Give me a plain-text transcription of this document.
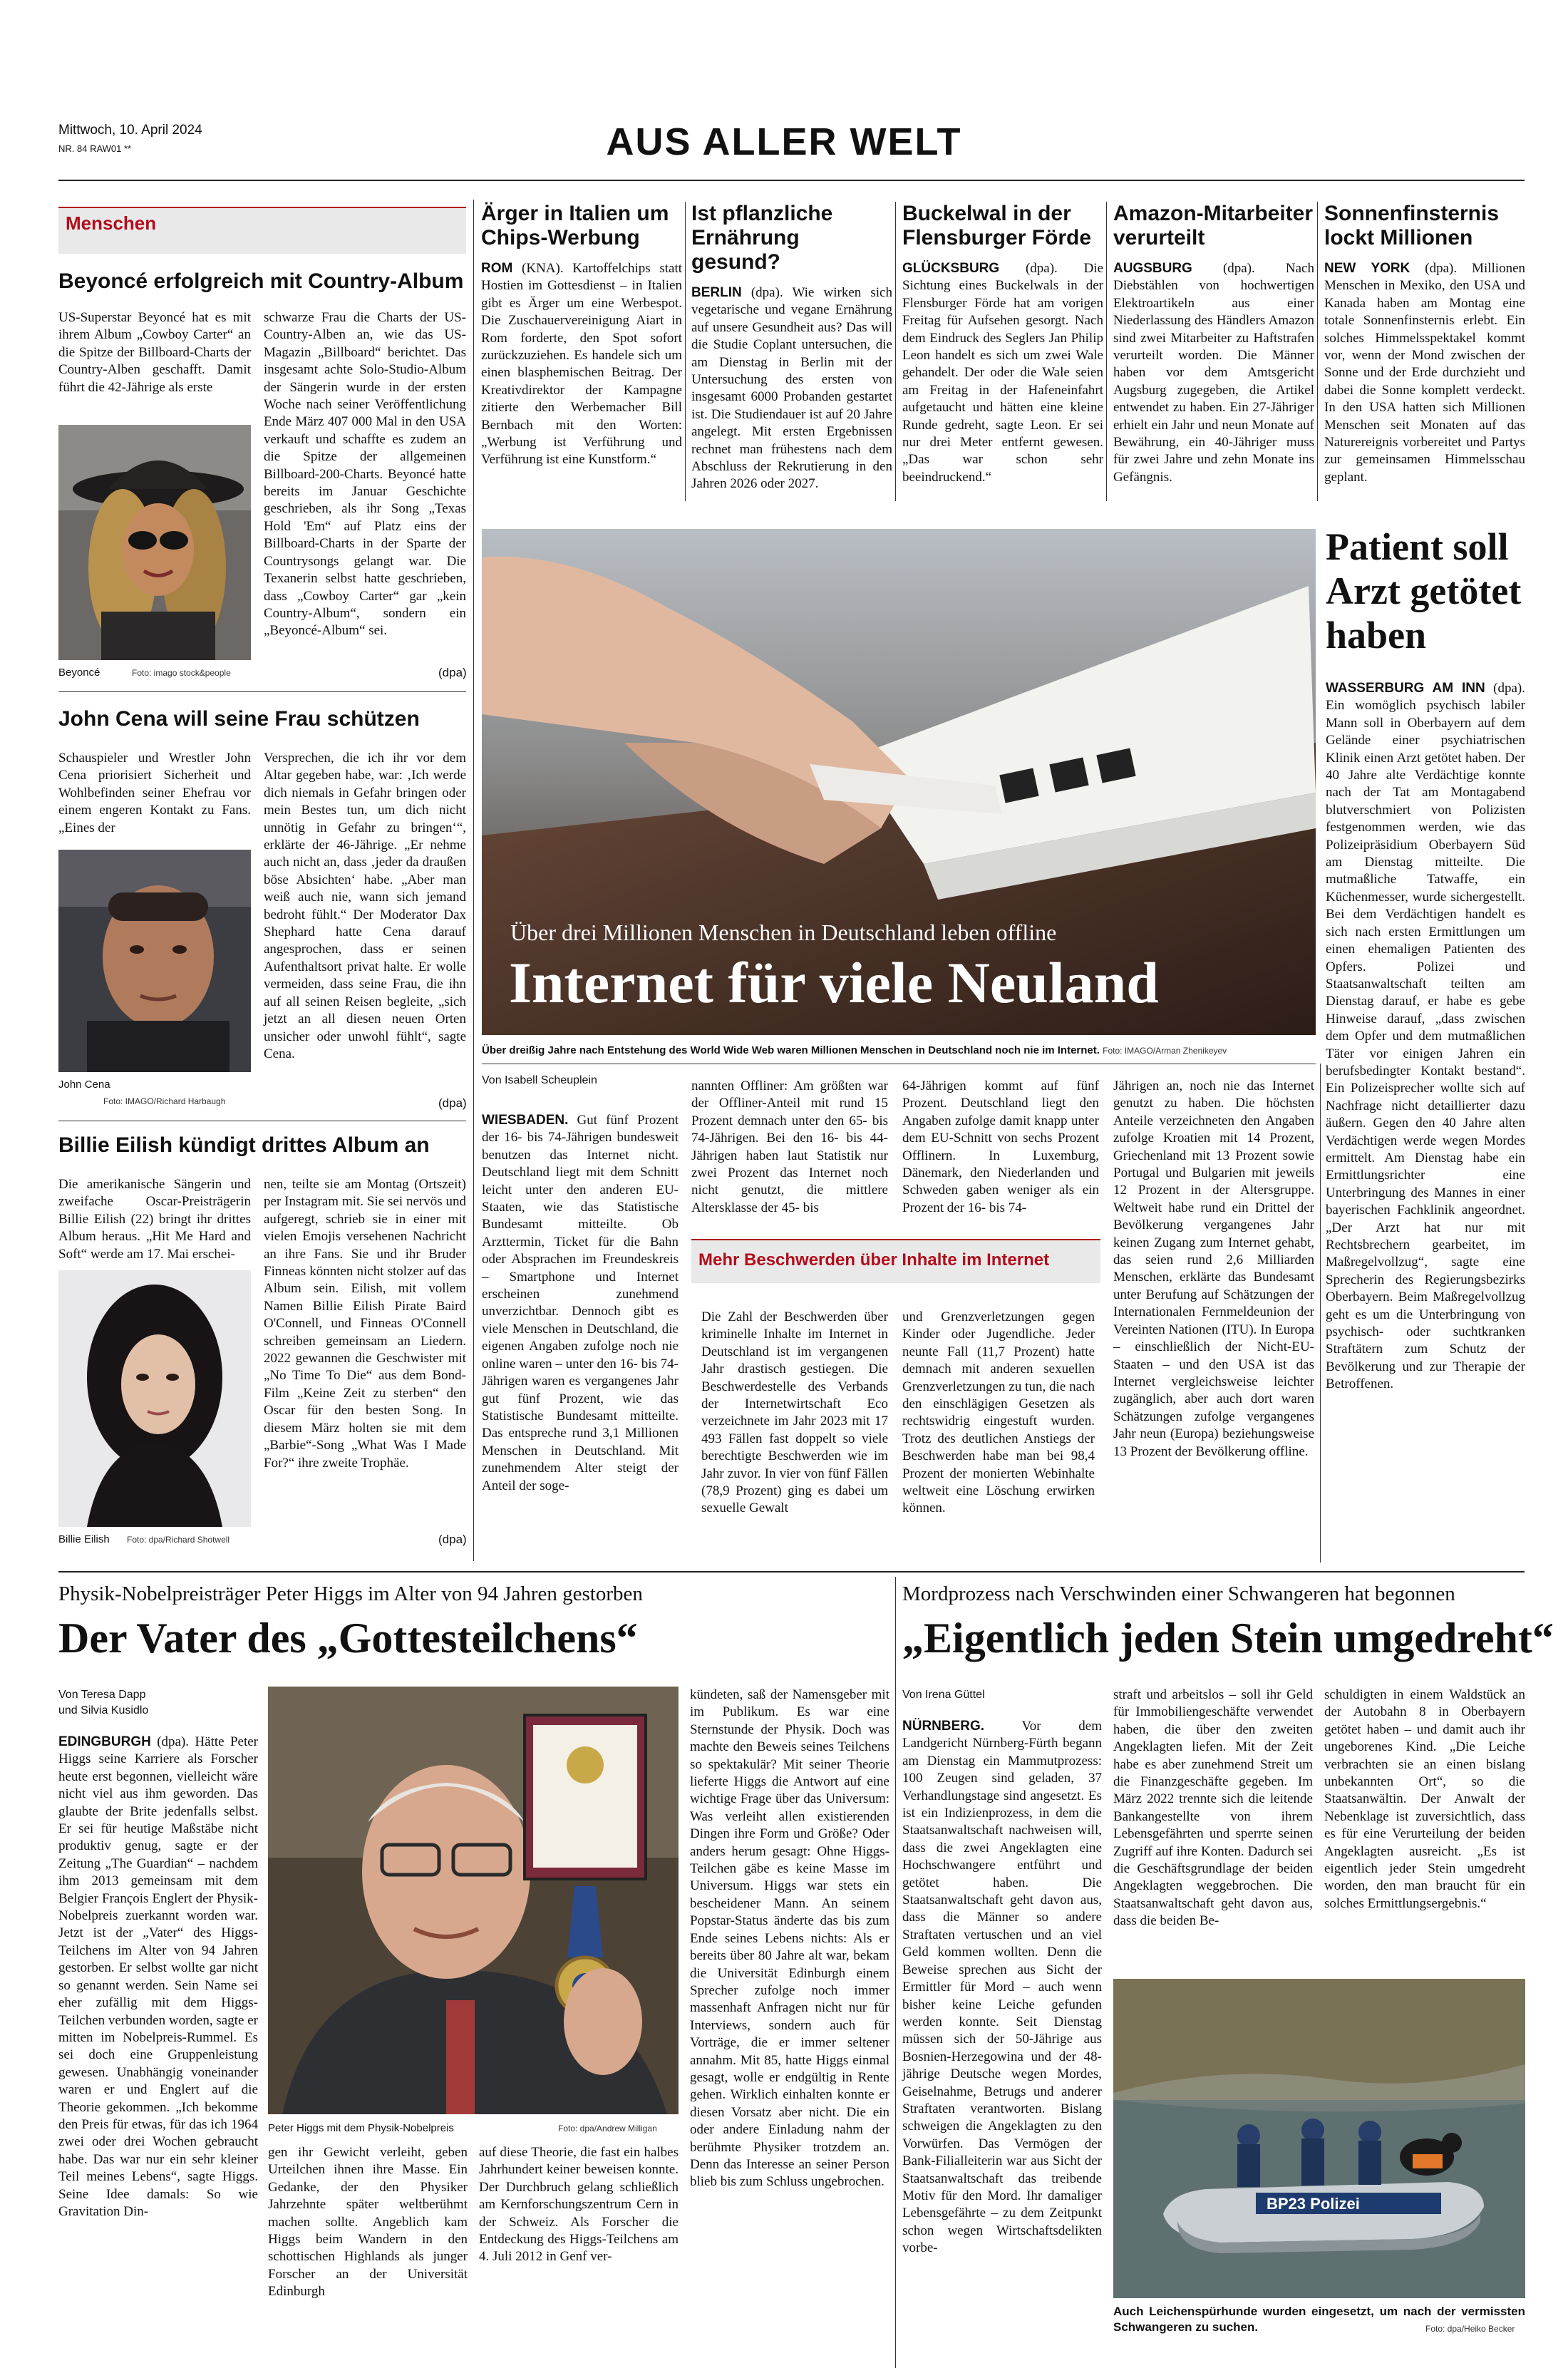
Mittwoch, 10. April 2024
NR. 84 RAW01 **	AUS ALLER WELT
Menschen
Beyoncé erfolgreich mit Country-Album

US-Superstar Beyoncé hat es mit ihrem Album „Cowboy Carter“ an die Spitze der Billboard-Charts der Country-Alben geschafft. Damit führt die 42-Jährige als erste

Beyoncé	Foto: imago stock&people

schwarze Frau die Charts der US-Country-Alben an, wie das US-Magazin „Billboard“ berichtet. Das insgesamt achte Solo-Studio-Album der Sängerin wurde in der ersten Woche nach seiner Veröffentlichung Ende März 407 000 Mal in den USA verkauft und schaffte es zudem an die Spitze der allgemeinen Billboard-200-Charts. Beyoncé hatte bereits im Januar Geschichte geschrieben, als ihr Song „Texas Hold 'Em“ auf Platz eins der Billboard-Charts in der Sparte der Countrysongs gelangt war. Die Texanerin selbst hatte geschrieben, dass „Cowboy Carter“ gar „kein Country-Album“, sondern ein „Beyoncé-Album“ sei.

(dpa)
John Cena will seine Frau schützen

Schauspieler und Wrestler John Cena priorisiert Sicherheit und Wohlbefinden seiner Ehefrau vor einem engeren Kontakt zu Fans. „Eines der

John Cena
Foto: IMAGO/Richard Harbaugh

Versprechen, die ich ihr vor dem Altar gegeben habe, war: ‚Ich werde dich niemals in Gefahr bringen oder mein Bestes tun, um dich nicht unnötig in Gefahr zu bringen‘“, erklärte der 46-Jährige. „Er nehme auch nicht an, dass ‚jeder da draußen böse Absichten‘ habe. „Aber man weiß auch nie, wann sich jemand bedroht fühlt.“ Der Moderator Dax Shephard hatte Cena darauf angesprochen, dass er seinen Aufenthaltsort privat halte. Er wolle vermeiden, dass seine Frau, die ihn auf all seinen Reisen begleite, „sich jetzt an all diesen neuen Orten unsicher oder unwohl fühlt“, sagte Cena.

(dpa)
Billie Eilish kündigt drittes Album an

Die amerikanische Sängerin und zweifache Oscar-Preisträgerin Billie Eilish (22) bringt ihr drittes Album heraus. „Hit Me Hard and Soft“ werde am 17. Mai erschei-

Billie Eilish Foto: dpa/Richard Shotwell

nen, teilte sie am Montag (Ortszeit) per Instagram mit. Sie sei nervös und aufgeregt, schrieb sie in einer mit vielen Emojis versehenen Nachricht an ihre Fans. Sie und ihr Bruder Finneas könnten nicht stolzer auf das Album sein. Eilish, mit vollem Namen Billie Eilish Pirate Baird O'Connell, und Finneas O'Connell schreiben gemeinsam an Liedern. 2022 gewannen die Geschwister mit „No Time To Die“ aus dem Bond-Film „Keine Zeit zu sterben“ den Oscar für den besten Song. In diesem März holten sie mit dem „Barbie“-Song „What Was I Made For?“ ihre zweite Trophäe.

(dpa)
Ärger in Italien um Chips-Werbung

ROM (KNA). Kartoffelchips statt Hostien im Gottesdienst – in Italien gibt es Ärger um eine Werbespot. Die Zuschauervereinigung Aiart in Rom forderte, den Spot sofort zurückzuziehen. Es handele sich um einen blasphemischen Beitrag. Der Kreativdirektor der Kampagne zitierte den Werbemacher Bill Bernbach mit den Worten: „Werbung ist Verführung und Verführung ist eine Kunstform.“

Ist pflanzliche Ernährung gesund?

BERLIN (dpa). Wie wirken sich vegetarische und vegane Ernährung auf unsere Gesundheit aus? Das will die Studie Coplant untersuchen, die am Dienstag in Berlin mit der Untersuchung des ersten von insgesamt 6000 Probanden gestartet ist. Die Studiendauer ist auf 20 Jahre angelegt. Mit ersten Ergebnissen rechnet man frühestens nach dem Abschluss der Rekrutierung in den Jahren 2026 oder 2027.

Buckelwal in der Flensburger Förde

GLÜCKSBURG (dpa). Die Sichtung eines Buckelwals in der Flensburger Förde hat am vorigen Freitag für Aufsehen gesorgt. Nach dem Eindruck des Seglers Jan Philip Leon handelt es sich um zwei Wale gehandelt. Der oder die Wale seien am Freitag in der Hafeneinfahrt aufgetaucht und hätten eine kleine Runde gedreht, sagte Leon. Er sei nur drei Meter entfernt gewesen. „Das war schon sehr beeindruckend.“

Amazon-Mitarbeiter verurteilt

AUGSBURG (dpa). Nach Diebstählen von hochwertigen Elektroartikeln aus einer Niederlassung des Händlers Amazon sind zwei Mitarbeiter zu Haftstrafen verurteilt worden. Die Männer haben vor dem Amtsgericht Augsburg zugegeben, die Artikel entwendet zu haben. Ein 27-Jähriger erhielt ein Jahr und neun Monate auf Bewährung, ein 40-Jähriger muss für zwei Jahre und zehn Monate ins Gefängnis.

Sonnenfinsternis lockt Millionen

NEW YORK (dpa). Millionen Menschen in Mexiko, den USA und Kanada haben am Montag eine totale Sonnenfinsternis erlebt. Ein solches Himmelsspektakel kommt vor, wenn der Mond zwischen der Sonne und der Erde durchzieht und dabei die Sonne komplett verdeckt. In den USA hatten sich Millionen Menschen seit Monaten auf das Naturereignis vorbereitet und Partys zur gemeinsamen Himmelsschau geplant.

Über drei Millionen Menschen in Deutschland leben offline
Internet für viele Neuland
Über dreißig Jahre nach Entstehung des World Wide Web waren Millionen Menschen in Deutschland noch nie im Internet. Foto: IMAGO/Arman Zhenikeyev
Von Isabell Scheuplein

WIESBADEN. Gut fünf Prozent der 16- bis 74-Jährigen bundesweit benutzen das Internet nicht. Deutschland liegt mit dem Schnitt leicht unter den anderen EU-Staaten, wie das Statistische Bundesamt mitteilte. Ob Arzttermin, Ticket für die Bahn oder Absprachen im Freundeskreis – Smartphone und Internet erscheinen zunehmend unverzichtbar. Dennoch gibt es viele Menschen in Deutschland, die eigenen Angaben zufolge noch nie online waren – unter den 16- bis 74-Jährigen waren es vergangenes Jahr gut fünf Prozent, wie das Statistische Bundesamt mitteilte. Das entspreche rund 3,1 Millionen Menschen in Deutschland. Mit zunehmendem Alter steigt der Anteil der soge-

nannten Offliner: Am größten war der Offliner-Anteil mit rund 15 Prozent demnach unter den 65- bis 74-Jährigen. Bei den 16- bis 44-Jährigen haben laut Statistik nur zwei Prozent das Internet noch nicht genutzt, die mittlere Altersklasse der 45- bis

64-Jährigen kommt auf fünf Prozent. Deutschland liegt den Angaben zufolge damit knapp unter dem EU-Schnitt von sechs Prozent Offlinern. In Luxemburg, Dänemark, den Niederlanden und Schweden gaben weniger als ein Prozent der 16- bis 74-

Jährigen an, noch nie das Internet genutzt zu haben. Die höchsten Anteile verzeichneten den Angaben zufolge Kroatien mit 14 Prozent, Griechenland mit 13 Prozent sowie Portugal und Bulgarien mit jeweils 12 Prozent in der Altersgruppe. Weltweit habe rund ein Drittel der Bevölkerung vergangenes Jahr keinen Zugang zum Internet gehabt, das seien rund 2,6 Milliarden Menschen, erklärte das Bundesamt unter Berufung auf Schätzungen der Internationalen Fernmeldeunion der Vereinten Nationen (ITU). In Europa – einschließlich der Nicht-EU-Staaten – und den USA ist das Internet vergleichsweise leichter zugänglich, aber auch dort waren Schätzungen zufolge vergangenes Jahr neun (Europa) beziehungsweise 13 Prozent der Bevölkerung offline.

Mehr Beschwerden über Inhalte im Internet

Die Zahl der Beschwerden über kriminelle Inhalte im Internet in Deutschland ist im vergangenen Jahr drastisch gestiegen. Die Beschwerdestelle des Verbands der Internetwirtschaft Eco verzeichnete im Jahr 2023 mit 17 493 Fällen fast doppelt so viele berechtigte Beschwerden wie im Jahr zuvor. In vier von fünf Fällen (78,9 Prozent) ging es dabei um sexuelle Gewalt

und Grenzverletzungen gegen Kinder oder Jugendliche. Jeder neunte Fall (11,7 Prozent) hatte demnach mit anderen sexuellen Grenzverletzungen zu tun, die nach den einschlägigen Gesetzen als rechtswidrig eingestuft wurden. Trotz des deutlichen Anstiegs der Beschwerden habe man bei 98,4 Prozent der monierten Webinhalte weltweit eine Löschung erwirken können.

Patient soll Arzt getötet haben

WASSERBURG AM INN (dpa). Ein womöglich psychisch labiler Mann soll in Oberbayern auf dem Gelände einer psychiatrischen Klinik einen Arzt getötet haben. Der 40 Jahre alte Verdächtige konnte nach der Tat am Montagabend blutverschmiert von Polizisten festgenommen werden, wie das Polizeipräsidium Oberbayern Süd am Dienstag mitteilte. Die mutmaßliche Tatwaffe, ein Küchenmesser, wurde sichergestellt. Bei dem Verdächtigen handelt es sich nach ersten Ermittlungen um einen ehemaligen Patienten des Opfers. Polizei und Staatsanwaltschaft teilten am Dienstag darauf, er habe es gebe Hinweise darauf, „dass zwischen dem Opfer und dem mutmaßlichen Täter vor einigen Jahren ein berufsbedingter Kontakt bestand“. Ein Polizeisprecher wollte sich auf Nachfrage nicht detaillierter dazu äußern. Gegen den 40 Jahre alten Verdächtigen werde wegen Mordes ermittelt. Am Dienstag habe ein Ermittlungsrichter eine Unterbringung des Mannes in einer bayerischen Fachklinik angeordnet. „Der Arzt hat nur mit Rechtsbrechern gearbeitet, im Maßregelvollzug“, sagte eine Sprecherin des Regierungsbezirks Oberbayern. Beim Maßregelvollzug geht es um die Unterbringung von psychisch- oder suchtkranken Straftätern zum Schutz der Bevölkerung und zur Therapie der Betroffenen.

Physik-Nobelpreisträger Peter Higgs im Alter von 94 Jahren gestorben
Der Vater des „Gottesteilchens“
Von Teresa Dapp
und Silvia Kusidlo

EDINGBURGH (dpa). Hätte Peter Higgs seine Karriere als Forscher heute erst begonnen, vielleicht wäre nicht viel aus ihm geworden. Das glaubte der Brite jedenfalls selbst. Er sei für heutige Maßstäbe nicht produktiv genug, sagte er der Zeitung „The Guardian“ – nachdem ihm 2013 gemeinsam mit dem Belgier François Englert der Physik-Nobelpreis zuerkannt worden war. Jetzt ist der „Vater“ des Higgs-Teilchens im Alter von 94 Jahren gestorben. Er selbst wollte gar nicht so genannt werden. Sein Name sei eher zufällig mit dem Higgs-Teilchen verbunden worden, sagte er mitten im Nobelpreis-Rummel. Es sei doch eine Gruppenleistung gewesen. Unabhängig voneinander waren er und Englert auf die Theorie gekommen. „Ich bekomme den Preis für etwas, für das ich 1964 zwei oder drei Wochen gebraucht habe. Das war nur ein sehr kleiner Teil meines Lebens“, sagte Higgs. Seine Idee damals: So wie Gravitation Din-

Peter Higgs mit dem Physik-Nobelpreis	Foto: dpa/Andrew Milligan

gen ihr Gewicht verleiht, geben Urteilchen ihnen ihre Masse. Ein Gedanke, der den Physiker Jahrzehnte später weltberühmt machen sollte. Angeblich kam Higgs beim Wandern in den schottischen Highlands als junger Forscher an der Universität Edinburgh

auf diese Theorie, die fast ein halbes Jahrhundert keiner beweisen konnte. Der Durchbruch gelang schließlich am Kernforschungszentrum Cern in der Schweiz. Als Forscher die Entdeckung des Higgs-Teilchens am 4. Juli 2012 in Genf ver-

kündeten, saß der Namensgeber mit im Publikum. Es war eine Sternstunde der Physik. Doch was machte den Beweis seines Teilchens so spektakulär? Mit seiner Theorie lieferte Higgs die Antwort auf eine wichtige Frage über das Universum: Was verleiht allen existierenden Dingen ihre Form und Größe? Oder anders herum gesagt: Ohne Higgs-Teilchen gäbe es keine Masse im Universum. Higgs war stets ein bescheidener Mann. An seinem Popstar-Status änderte das bis zum Ende seines Lebens nichts: Als er bereits über 80 Jahre alt war, bekam die Universität Edinburgh einem Sprecher zufolge noch immer massenhaft Anfragen nicht nur für Interviews, sondern auch für Vorträge, die er immer seltener annahm. Mit 85, hatte Higgs einmal gesagt, wolle er endgültig in Rente gehen. Wirklich einhalten konnte er diesen Vorsatz aber nicht. Die ein oder andere Einladung nahm der berühmte Physiker trotzdem an. Denn das Interesse an seiner Person blieb bis zum Schluss ungebrochen.

Mordprozess nach Verschwinden einer Schwangeren hat begonnen
„Eigentlich jeden Stein umgedreht“
Von Irena Güttel

NÜRNBERG.	Vor dem Landgericht Nürnberg-Fürth begann am Dienstag ein Mammutprozess: 100 Zeugen sind geladen, 37 Verhandlungstage sind angesetzt. Es ist ein Indizienprozess, in dem die Staatsanwaltschaft nachweisen will, dass die zwei Angeklagten eine Hochschwangere entführt und getötet haben. Die Staatsanwaltschaft geht davon aus, dass die Männer so andere Straftaten vertuschen und an viel Geld kommen wollten. Denn die Beweise sprechen aus Sicht der Ermittler für Mord – auch wenn bisher keine Leiche gefunden werden konnte. Seit Dienstag müssen sich der 50-Jährige aus Bosnien-Herzegowina und der 48-jährige Deutsche wegen Mordes, Geiselnahme, Betrugs und anderer Straftaten verantworten. Bislang schweigen die Angeklagten zu den Vorwürfen. Das Vermögen der Bank-Filialleiterin war aus Sicht der Staatsanwaltschaft das treibende Motiv für den Mord. Ihr damaliger Lebensgefährte – zu dem Zeitpunkt schon wegen Wirtschaftsdelikten vorbe-

straft und arbeitslos – soll ihr Geld für Immobiliengeschäfte verwendet haben, die über den zweiten Angeklagten liefen. Mit der Zeit habe es aber zunehmend Streit um die Finanzgeschäfte gegeben. Im März 2022 trennte sich die leitende Bankangestellte von ihrem Lebensgefährten und sperrte seinen Zugriff auf ihre Konten. Dadurch sei die Geschäftsgrundlage der beiden Angeklagten weggebrochen. Die Staatsanwaltschaft geht davon aus, dass die beiden Be-

schuldigten in einem Waldstück an der Autobahn 8 in Oberbayern getötet haben – und damit auch ihr ungeborenes Kind. „Die Leiche verbrachten sie an einen bislang unbekannten Ort“, so die Staatsanwältin. Der Anwalt der Nebenklage ist zuversichtlich, dass es für eine Verurteilung der beiden Angeklagten ausreicht. „Es ist eigentlich jeder Stein umgedreht worden, den man braucht für ein solches Ermittlungsergebnis.“

BP23 Polizei
Auch Leichenspürhunde wurden eingesetzt, um nach der vermissten Schwangeren zu suchen.	Foto: dpa/Heiko Becker
